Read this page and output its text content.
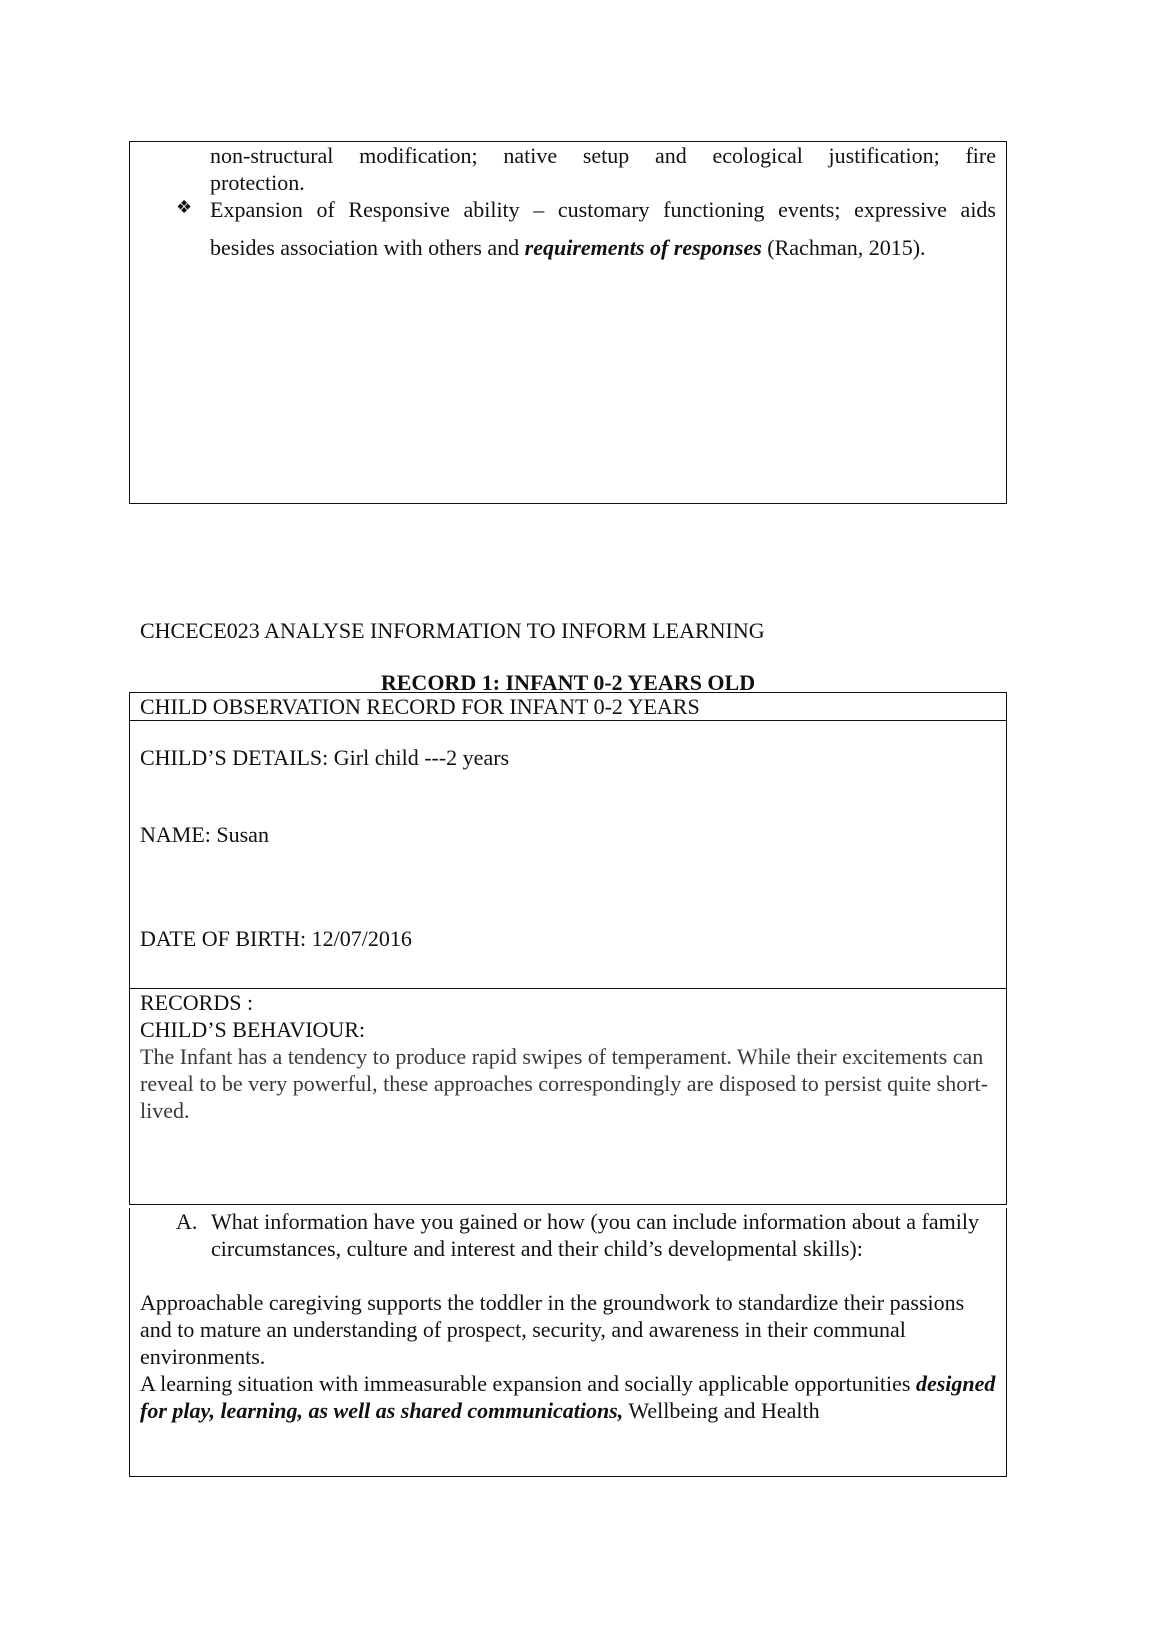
non-structural modification; native setup and ecological justification; fire
protection.
❖ Expansion of Responsive ability – customary functioning events; expressive aids
besides association with others and requirements of responses (Rachman, 2015).
CHCECE023 ANALYSE INFORMATION TO INFORM LEARNING
RECORD 1: INFANT 0-2 YEARS OLD
CHILD OBSERVATION RECORD FOR INFANT 0-2 YEARS
CHILD’S DETAILS: Girl child ---2 years
NAME: Susan
DATE OF BIRTH: 12/07/2016
RECORDS :
CHILD’S BEHAVIOUR:
The Infant has a tendency to produce rapid swipes of temperament. While their excitements can reveal to be very powerful, these approaches correspondingly are disposed to persist quite short-lived.
A. What information have you gained or how (you can include information about a family circumstances, culture and interest and their child’s developmental skills):
Approachable caregiving supports the toddler in the groundwork to standardize their passions and to mature an understanding of prospect, security, and awareness in their communal environments.
A learning situation with immeasurable expansion and socially applicable opportunities designed for play, learning, as well as shared communications, Wellbeing and Health
